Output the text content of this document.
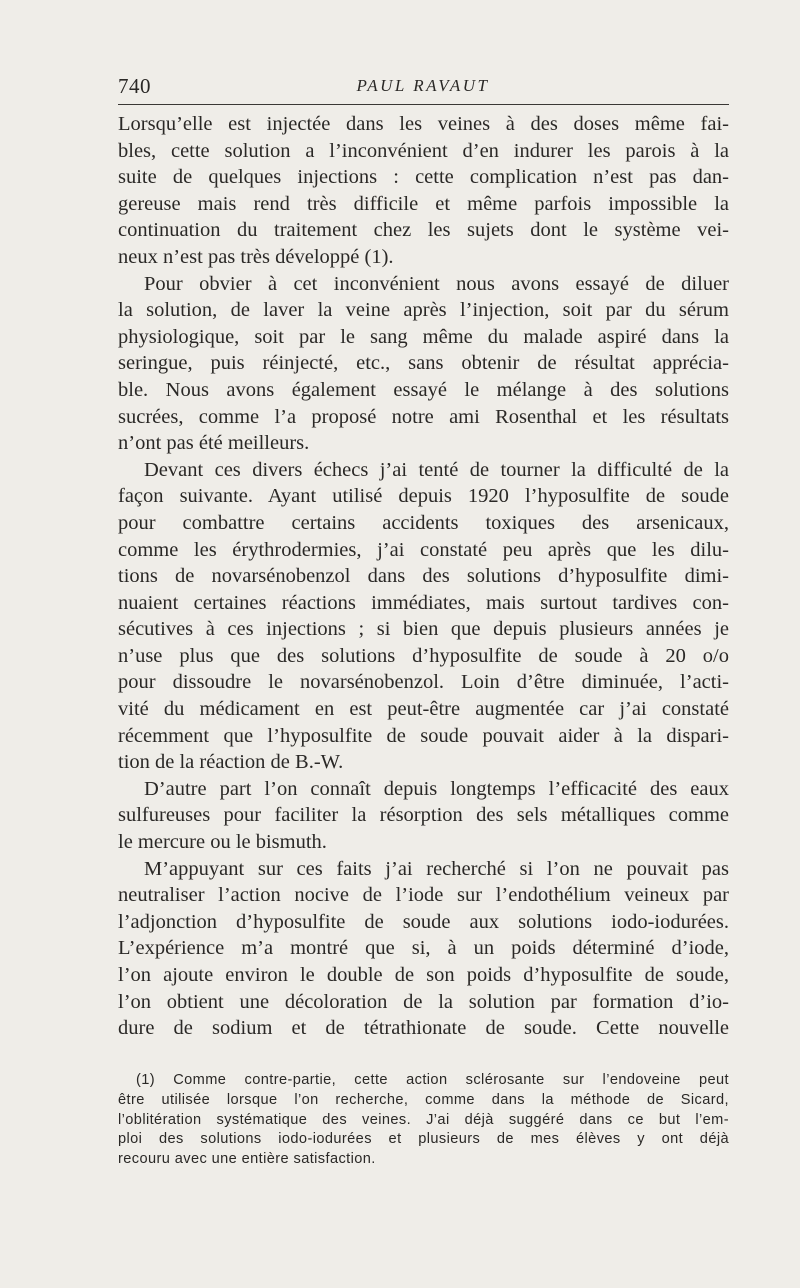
740	PAUL RAVAUT
Lorsqu’elle est injectée dans les veines à des doses même fai-
bles, cette solution a l’inconvénient d’en indurer les parois à la
suite de quelques injections : cette complication n’est pas dan-
gereuse mais rend très difficile et même parfois impossible la
continuation du traitement chez les sujets dont le système vei-
neux n’est pas très développé (1).
Pour obvier à cet inconvénient nous avons essayé de diluer
la solution, de laver la veine après l’injection, soit par du sérum
physiologique, soit par le sang même du malade aspiré dans la
seringue, puis réinjecté, etc., sans obtenir de résultat apprécia-
ble. Nous avons également essayé le mélange à des solutions
sucrées, comme l’a proposé notre ami Rosenthal et les résultats
n’ont pas été meilleurs.
Devant ces divers échecs j’ai tenté de tourner la difficulté de la
façon suivante. Ayant utilisé depuis 1920 l’hyposulfite de soude
pour combattre certains accidents toxiques des arsenicaux,
comme les érythrodermies, j’ai constaté peu après que les dilu-
tions de novarsénobenzol dans des solutions d’hyposulfite dimi-
nuaient certaines réactions immédiates, mais surtout tardives con-
sécutives à ces injections ; si bien que depuis plusieurs années je
n’use plus que des solutions d’hyposulfite de soude à 20 o/o
pour dissoudre le novarsénobenzol. Loin d’être diminuée, l’acti-
vité du médicament en est peut-être augmentée car j’ai constaté
récemment que l’hyposulfite de soude pouvait aider à la dispari-
tion de la réaction de B.-W.
D’autre part l’on connaît depuis longtemps l’efficacité des eaux
sulfureuses pour faciliter la résorption des sels métalliques comme
le mercure ou le bismuth.
M’appuyant sur ces faits j’ai recherché si l’on ne pouvait pas
neutraliser l’action nocive de l’iode sur l’endothélium veineux par
l’adjonction d’hyposulfite de soude aux solutions iodo-iodurées.
L’expérience m’a montré que si, à un poids déterminé d’iode,
l’on ajoute environ le double de son poids d’hyposulfite de soude,
l’on obtient une décoloration de la solution par formation d’io-
dure de sodium et de tétrathionate de soude. Cette nouvelle
(1) Comme contre-partie, cette action sclérosante sur l’endoveine peut
être utilisée lorsque l’on recherche, comme dans la méthode de Sicard,
l’oblitération systématique des veines. J’ai déjà suggéré dans ce but l’em-
ploi des solutions iodo-iodurées et plusieurs de mes élèves y ont déjà
recouru avec une entière satisfaction.
